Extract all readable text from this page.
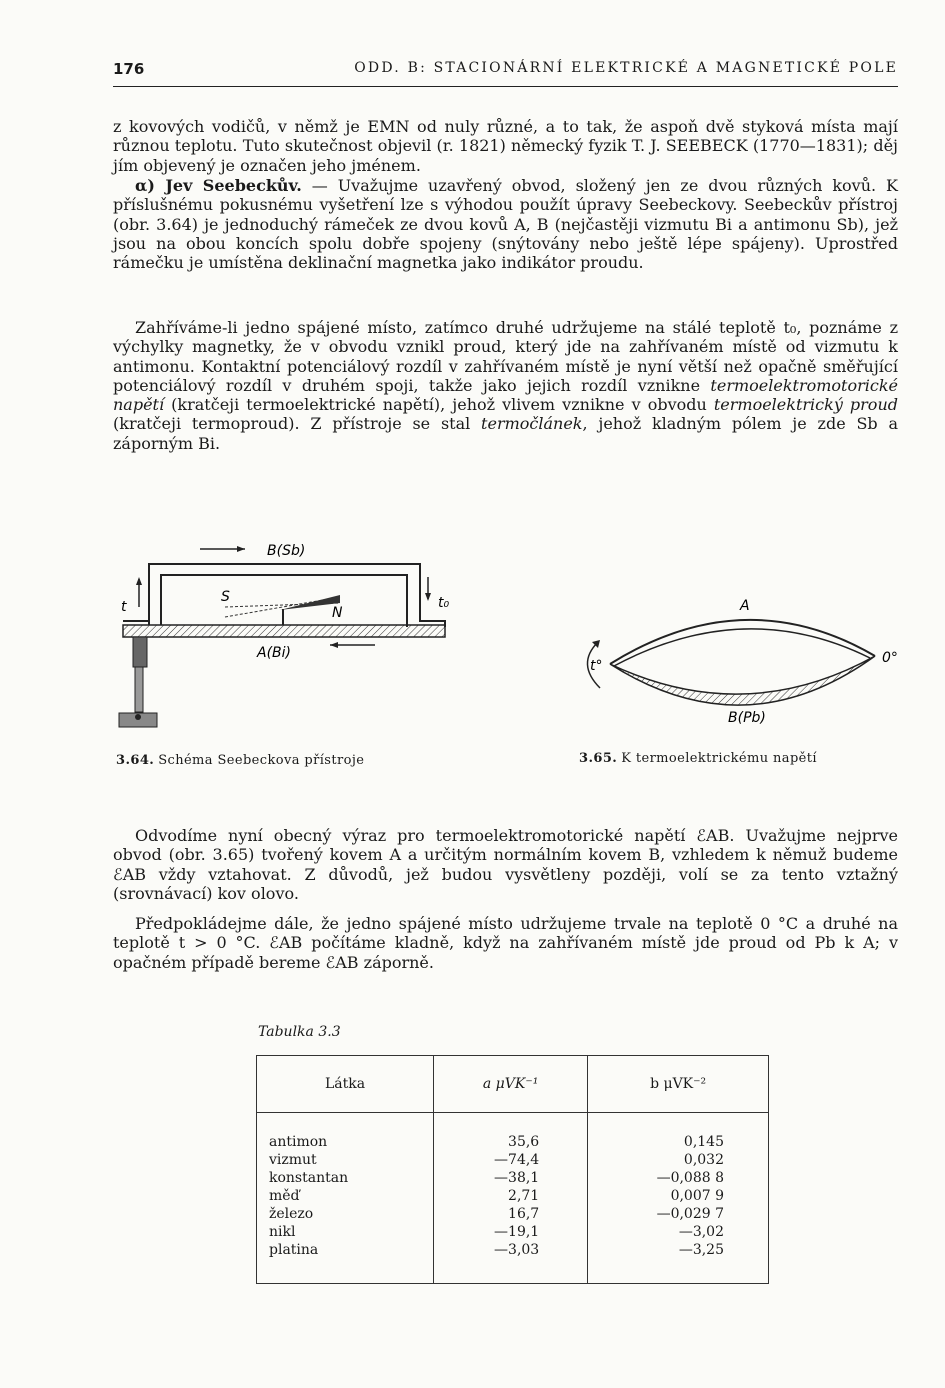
176	ODD. B: STACIONÁRNÍ ELEKTRICKÉ A MAGNETICKÉ POLE

z kovových vodičů, v němž je EMN od nuly různé, a to tak, že aspoň dvě styková místa mají různou teplotu. Tuto skutečnost objevil (r. 1821) německý fyzik T. J. SEEBECK (1770—1831); děj jím objevený je označen jeho jménem.

α) Jev Seebeckův. — Uvažujme uzavřený obvod, složený jen ze dvou různých kovů. K příslušnému pokusnému vyšetření lze s výhodou použít úpravy Seebeckovy. Seebeckův přístroj (obr. 3.64) je jednoduchý rámeček ze dvou kovů A, B (nejčastěji vizmutu Bi a antimonu Sb), jež jsou na obou koncích spolu dobře spojeny (snýtovány nebo ještě lépe spájeny). Uprostřed rámečku je umístěna deklinační magnetka jako indikátor proudu.

Zahříváme-li jedno spájené místo, zatímco druhé udržujeme na stálé teplotě t₀, poznáme z výchylky magnetky, že v obvodu vznikl proud, který jde na zahřívaném místě od vizmutu k antimonu. Kontaktní potenciálový rozdíl v zahřívaném místě je nyní větší než opačně směřující potenciálový rozdíl v druhém spoji, takže jako jejich rozdíl vznikne termoelektromotorické napětí (kratčeji termoelektrické napětí), jehož vlivem vznikne v obvodu termoelektrický proud (kratčeji termoproud). Z přístroje se stal termočlánek, jehož kladným pólem je zde Sb a záporným Bi.

B(Sb)
A(Bi)
t	t₀
S
N
3.64. Schéma Seebeckova přístroje
A
B(Pb)
t°	0°
3.65. K termoelektrickému napětí

Odvodíme nyní obecný výraz pro termoelektromotorické napětí ℰAB. Uvažujme nejprve obvod (obr. 3.65) tvořený kovem A a určitým normálním kovem B, vzhledem k němuž budeme ℰAB vždy vztahovat. Z důvodů, jež budou vysvětleny později, volí se za tento vztažný (srovnávací) kov olovo.

Předpokládejme dále, že jedno spájené místo udržujeme trvale na teplotě 0 °C a druhé na teplotě t > 0 °C. ℰAB počítáme kladně, když na zahřívaném místě jde proud od Pb k A; v opačném případě bereme ℰAB záporně.

Tabulka 3.3
Látka	a μVK⁻¹	b μVK⁻²
antimon	35,6	0,145
vizmut	—74,4	0,032
konstantan	—38,1	—0,088 8
měď	2,71	0,007 9
železo	16,7	—0,029 7
nikl	—19,1	—3,02
platina	—3,03	—3,25
